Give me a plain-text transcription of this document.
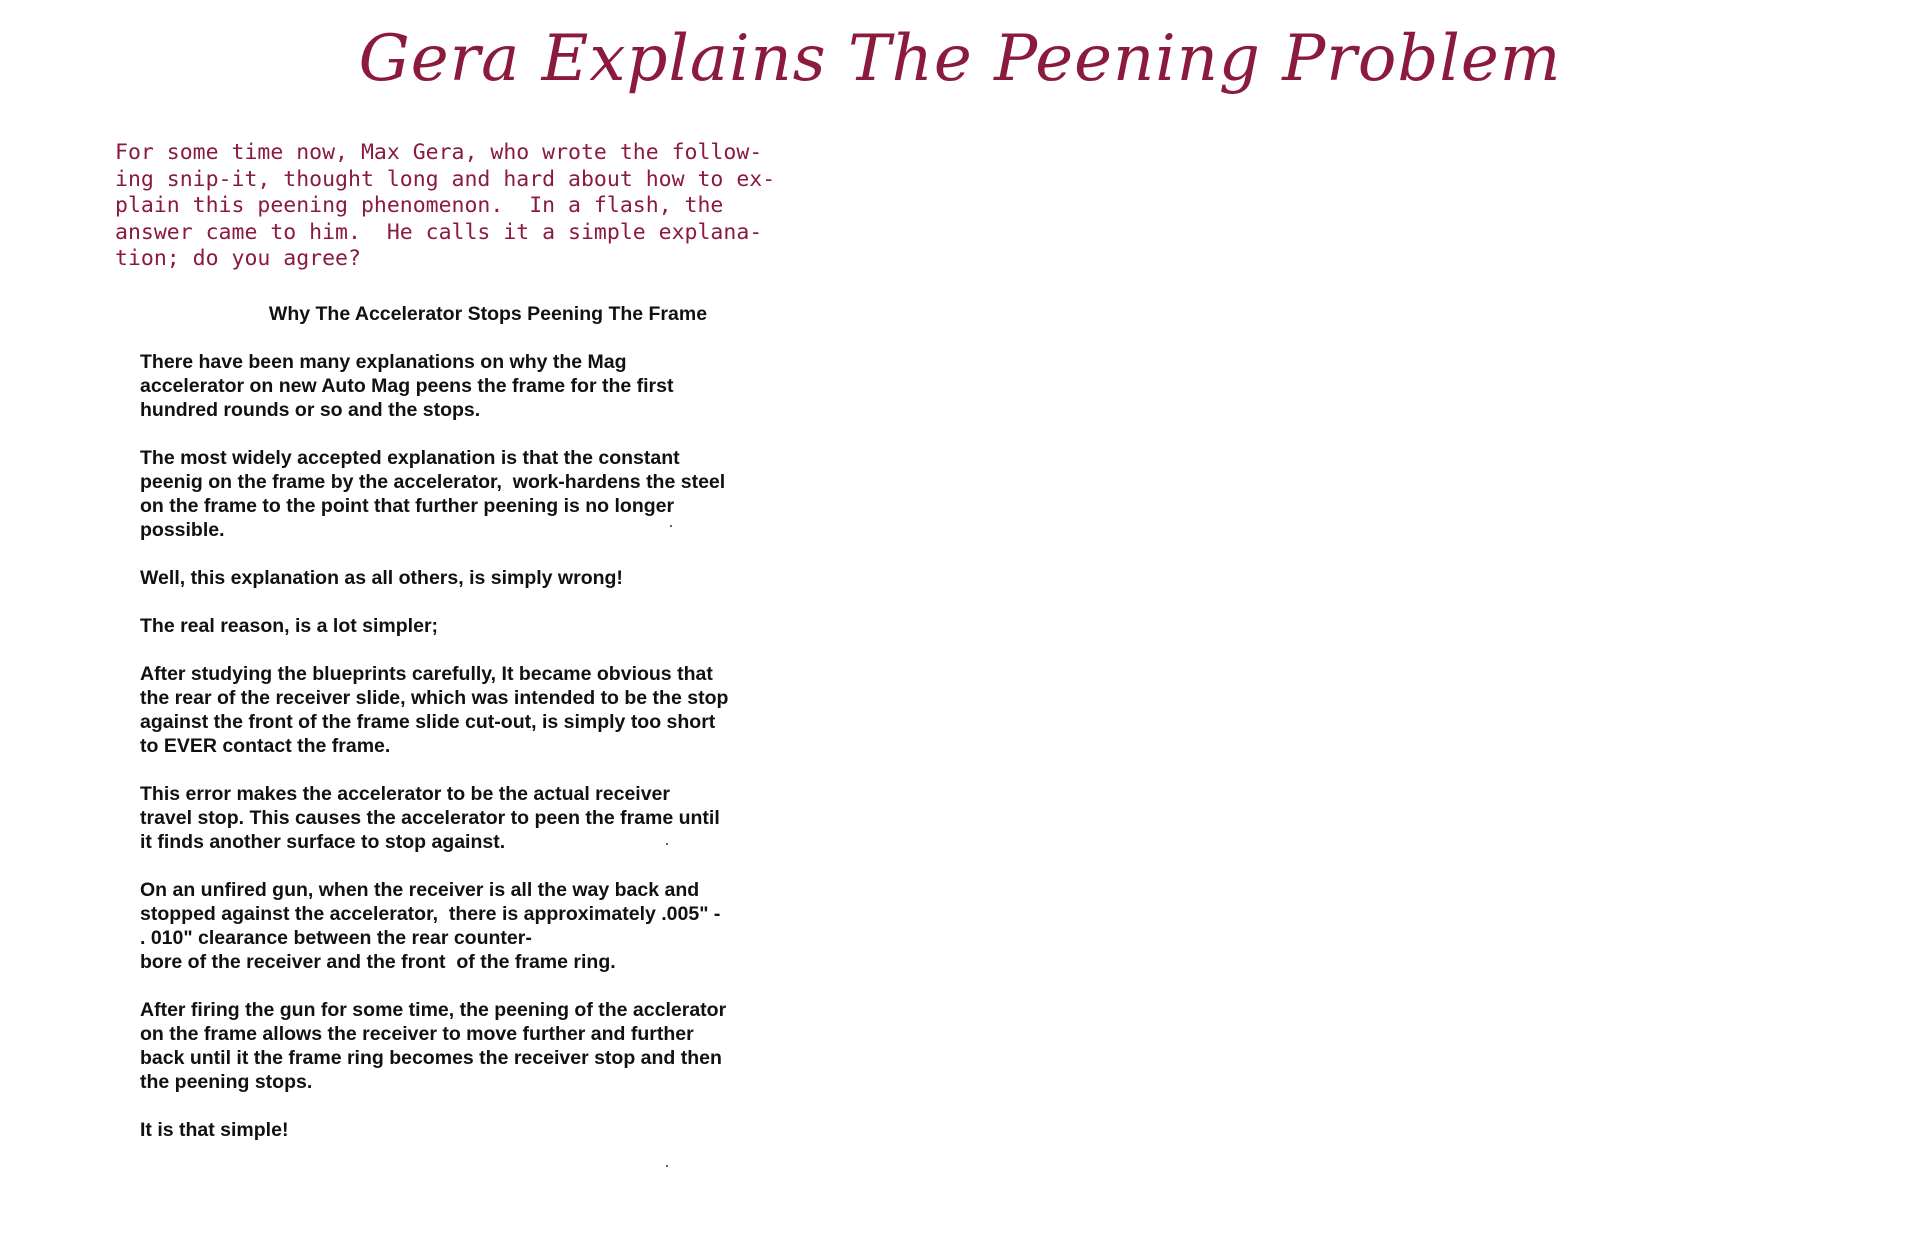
Gera Explains The Peening Problem
For some time now, Max Gera, who wrote the follow-
ing snip-it, thought long and hard about how to ex-
plain this peening phenomenon.  In a flash, the
answer came to him.  He calls it a simple explana-
tion; do you agree?
Why The Accelerator Stops Peening The Frame
There have been many explanations on why the Mag
accelerator on new Auto Mag peens the frame for the first
hundred rounds or so and the stops.
The most widely accepted explanation is that the constant
peenig on the frame by the accelerator,  work-hardens the steel
on the frame to the point that further peening is no longer
possible.
Well, this explanation as all others, is simply wrong!
The real reason, is a lot simpler;
After studying the blueprints carefully, It became obvious that
the rear of the receiver slide, which was intended to be the stop
against the front of the frame slide cut-out, is simply too short
to EVER contact the frame.
This error makes the accelerator to be the actual receiver
travel stop. This causes the accelerator to peen the frame until
it finds another surface to stop against.
On an unfired gun, when the receiver is all the way back and
stopped against the accelerator,  there is approximately .005" -
. 010" clearance between the rear counter-
bore of the receiver and the front  of the frame ring.
After firing the gun for some time, the peening of the acclerator
on the frame allows the receiver to move further and further
back until it the frame ring becomes the receiver stop and then
the peening stops.
It is that simple!
